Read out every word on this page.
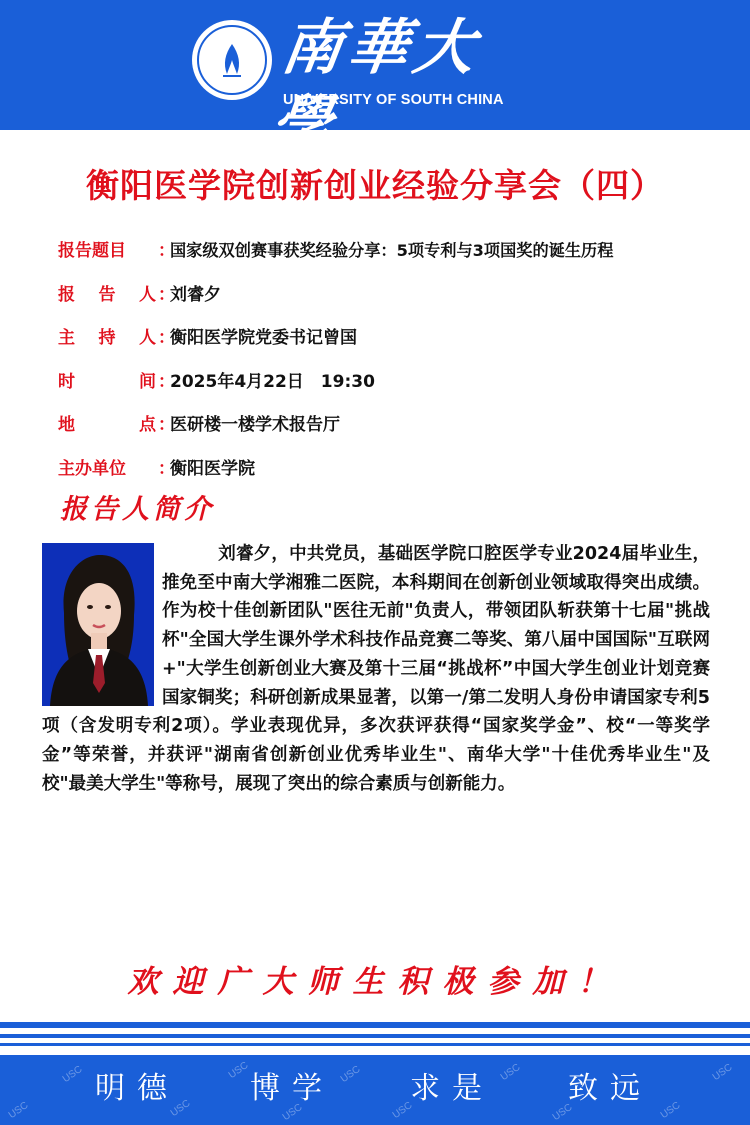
南華大學
UNIVERSITY OF SOUTH CHINA
衡阳医学院创新创业经验分享会（四）
报告题目	：
国家级双创赛事获奖经验分享：5项专利与3项国奖的诞生历程
报 告 人 ：
刘睿夕
主 持 人 ：
衡阳医学院党委书记曾国
时	间 ：
2025年4月22日　19:30
地	点 ：
医研楼一楼学术报告厅
主办单位	：
衡阳医学院
报告人简介
刘睿夕，中共党员，基础医学院口腔医学专业2024届毕业生，推免至中南大学湘雅二医院，本科期间在创新创业领域取得突出成绩。作为校十佳创新团队"医往无前"负责人，带领团队斩获第十七届"挑战杯"全国大学生课外学术科技作品竞赛二等奖、第八届中国国际"互联网+"大学生创新创业大赛及第十三届“挑战杯”中国大学生创业计划竞赛国家铜奖；科研创新成果显著，以第一/第二发明人身份申请国家专利5项（含发明专利2项）。学业表现优异，多次获评获得“国家奖学金”、校“一等奖学金”等荣誉，并获评"湖南省创新创业优秀毕业生"、南华大学"十佳优秀毕业生"及校"最美大学生"等称号，展现了突出的综合素质与创新能力。
欢迎广大师生积极参加！
USC
USC
USC
USC
USC
USC
USC
USC
USC	USC
USC
明德 博学	求是 致远
